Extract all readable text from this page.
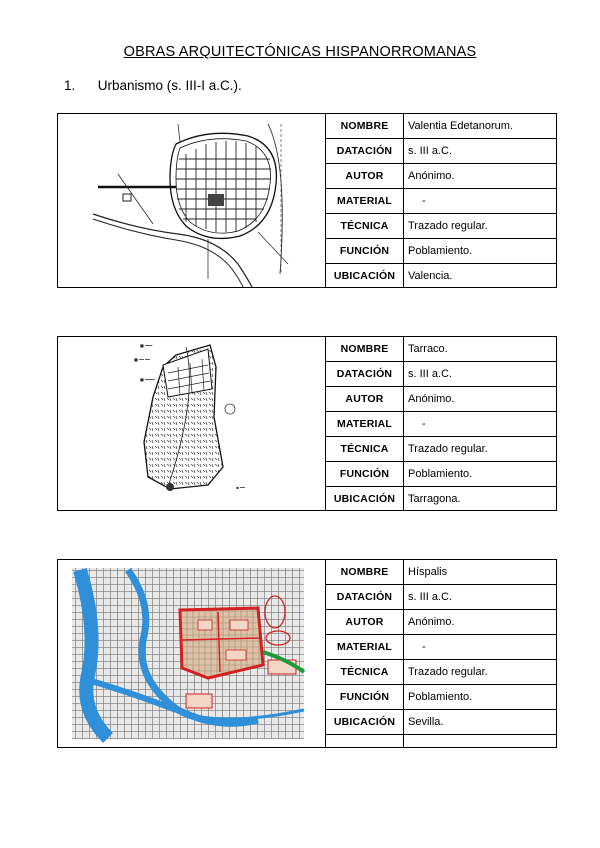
OBRAS ARQUITECTÓNICAS HISPANORROMANAS
1. Urbanismo (s. III-I a.C.).
NOMBRE	Valentia Edetanorum.
DATACIÓN	s. III a.C.
AUTOR	Anónimo.
MATERIAL	-
TÉCNICA	Trazado regular.
FUNCIÓN	Poblamiento.
UBICACIÓN	Valencia.
■ ═══
■ ══ ══
■ ════
▪ ══
NOMBRE	Tarraco.
DATACIÓN	s. III a.C.
AUTOR	Anónimo.
MATERIAL	-
TÉCNICA	Trazado regular.
FUNCIÓN	Poblamiento.
UBICACIÓN	Tarragona.
NOMBRE	Híspalis
DATACIÓN	s. III a.C.
AUTOR	Anónimo.
MATERIAL	-
TÉCNICA	Trazado regular.
FUNCIÓN	Poblamiento.
UBICACIÓN	Sevilla.
